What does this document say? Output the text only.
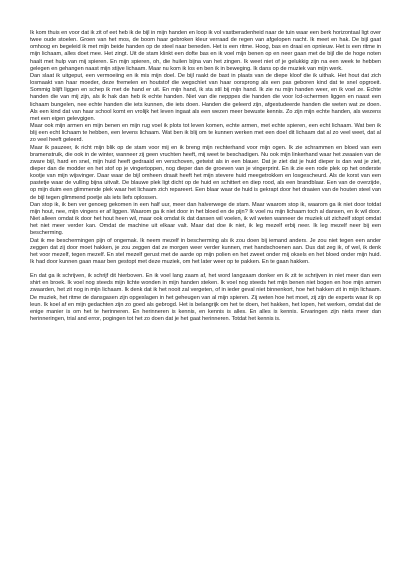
Ik kom thuis en voor dat ik zit of eet heb ik de bijl in mijn handen en loop ik vol vastberadenheid naar de tuin waar een berk horizontaal ligt over twee oude stoelen. Groen van het mos, de boom haar gebroken kleur verraad de regen van afgelopen nacht. Ik meet en hak. De bijl gaat omhoog en begeleid ik met mijn beide handen op de steel naar beneden. Het is een ritme. Hoog, bas en draai en opnieuw. Het is een ritme in mijn lichaam, alles doet mee. Het zingt. Uit de stam klinkt een dofte bas en ik voel mijn benen op en neer gaan met de bijl die de hoge noten haalt met hulp van mij spieren. En mijn spieren, oh, die huilen bijna van het zingen. Ik weet niet of je gelukkig zijn na een week te hebben gelegen en gehangen naast mijn stijve lichaam. Maar nu kom ik los en ben ik in beweging. Ik dans op de muziek van mijn werk.

Dan slaat ik uitgeput, een vermoeiing en ik mis mijn doel. De bijl raakt de bast in plaats van de diepe kloof die ik uithak. Het hout dat zich losmaakt van haar moeder, deze fremelen en houtstof die wegschiet van haar oorsprong als een pas geboren kind dat te snel opgroeit. Sommig blijft liggen en schep ik met de hand er uit. En mijn hand, ik sta stil bij mijn hand. Ik zie nu mijn handen weer, en ik voel ze. Echte handen die van mij zijn, als ik hak dan heb ik echte handen. Niet van die nepppes die handen die voor lcd-schermen liggen en naast een lichaam bungelen, nee echte handen die iets kunnen, die iets doen. Handen die geleerd zijn, afgestudeerde handen die weten wat ze doen. Als een kind dat van haar school komt en vrolijk het leven ingaat als een wezen meer bewuste kennis. Zo zijn mijn echte handen, als wezens met een eigen gelevgigen.

Maar ook mijn armen en mijn benen en mijn rug voel ik plots tot leven komen, echte armen, met echte spieren, een echt lichaam. Wat ben ik blij een echt lichaam te hebben, een levens lichaam. Wat ben ik blij om te kunnen werken met een doel dit lichaam dat al zo veel weet, dat al zo veel heeft geleerd.

Maar ik pauzeer, ik richt mijn blik op de stam voor mij en ik breng mijn rechterhand voor mijn ogen. Ik zie schrammen en bloed van een bramenstruik, die ook in de winter, wanneer zij geen vruchten heeft, mij weet te beschadigen. Nu ook mijn linkerhand waar het zwaaien van de zware bijl, hard en snel, mijn huid heeft gedraaid en verschoven, getwist als in een blauer. Dat je ziet dat je huid dieper is dan wat je ziet, dieper dan de modder en het stof op je vingertoppen, nog dieper dan de groeven van je vingerprint. En ik zie een rode plek op het onderste kootje van mijn wijsvinger. Daar waar de bijl omheen draait heeft het mijn stevere huid meegetrokken en losgescheurd. Als de korst van een pastetje waar de vulling bijna uitvalt. De blauwe plek ligt dicht op de huid en schittert en diep rood, als een brandblaar. Een van de overzijde, op mijn duim een glimmende plek waar het lichaam zich repareert. Een blaar waar de huid is gekrapt door het draaien van de houten steel van de bijl tegen glimmend poetje als iets liefs oplossen.

Dan stop ik, ik ben ver genoeg gekomen in een half uur, meer dan halverwege de stam. Maar waarom stop ik, waarom ga ik niet door totdat mijn hout, nee, mijn vingers er af liggen. Waarom ga ik niet door in het bloed en de pijn? Ik voel nu mijn lichaam toch al dansen, en ik wil door. Niet alleen omdat ik door het hout heen wil, maar ook omdat ik dat dansen wil voelen, ik wil weten wanneer de muziek uit zichzelf stopt omdat het niet meer verder kan. Omdat de machine uit elkaar valt. Maar dat doe ik niet, ik leg mezelf erbij neer. Ik leg mezelf neer bij een bescherming.

Dat ik me beschermingen pijn of ongemak. Ik neem mezelf in bescherming als ik zou doen bij iemand anders. Je zou niet tegen een ander zeggen dat zij door moet hakken, je zou zeggen dat ze morgen weer verder kunnen, met handschoenen aan. Dus dat zeg ik, of wel, ik denk het voor mezelf, tegen mezelf. En stel mezelf gerust met de aarde op mijn polien en het zweet onder mij oksels en het bloed onder mijn huid. Ik had door kunnen gaan maar ben gestopt met deze muziek, om het later weer op te pakken. En te gaan hakken.

En dat ga ik schrijven, ik schrijf dit hierboven. En ik voel lang zaam af, het word langzaam donker en ik zit te schrijven in niet meer dan een shirt en broek. Ik voel nog steeds mijn lichte wonden in mijn handen steken. Ik voel nog steeds het mijn benen niet bogen en hoe mijn armen zwaarden, het zit nog in mijn lichaam. Ik denk dat ik het nooit zal vergeten, of in ieder geval niet binnenkort, hoe het hakken zit in mijn lichaam. De muziek, het ritme de dansgasen zijn opgeslagen in het geheugen van al mijn spieren. Zij weten hoe het moet, zij zijn de experts waar ik op leun. Ik koel af en mijn gedachten zijn zo goed als gebrogd. Het is belangrijk om het te doen, het hakken, het lopen, het werken, omdat dat de enige manier is om het te herinneren. En herinneren is kennis, en kennis is alles. En alles is kennis. Ervaringen zijn niets meer dan herinneringen, trial and error, pogingen tot het zo doen dat je het gaat herinneren. Totdat het kennis is.
